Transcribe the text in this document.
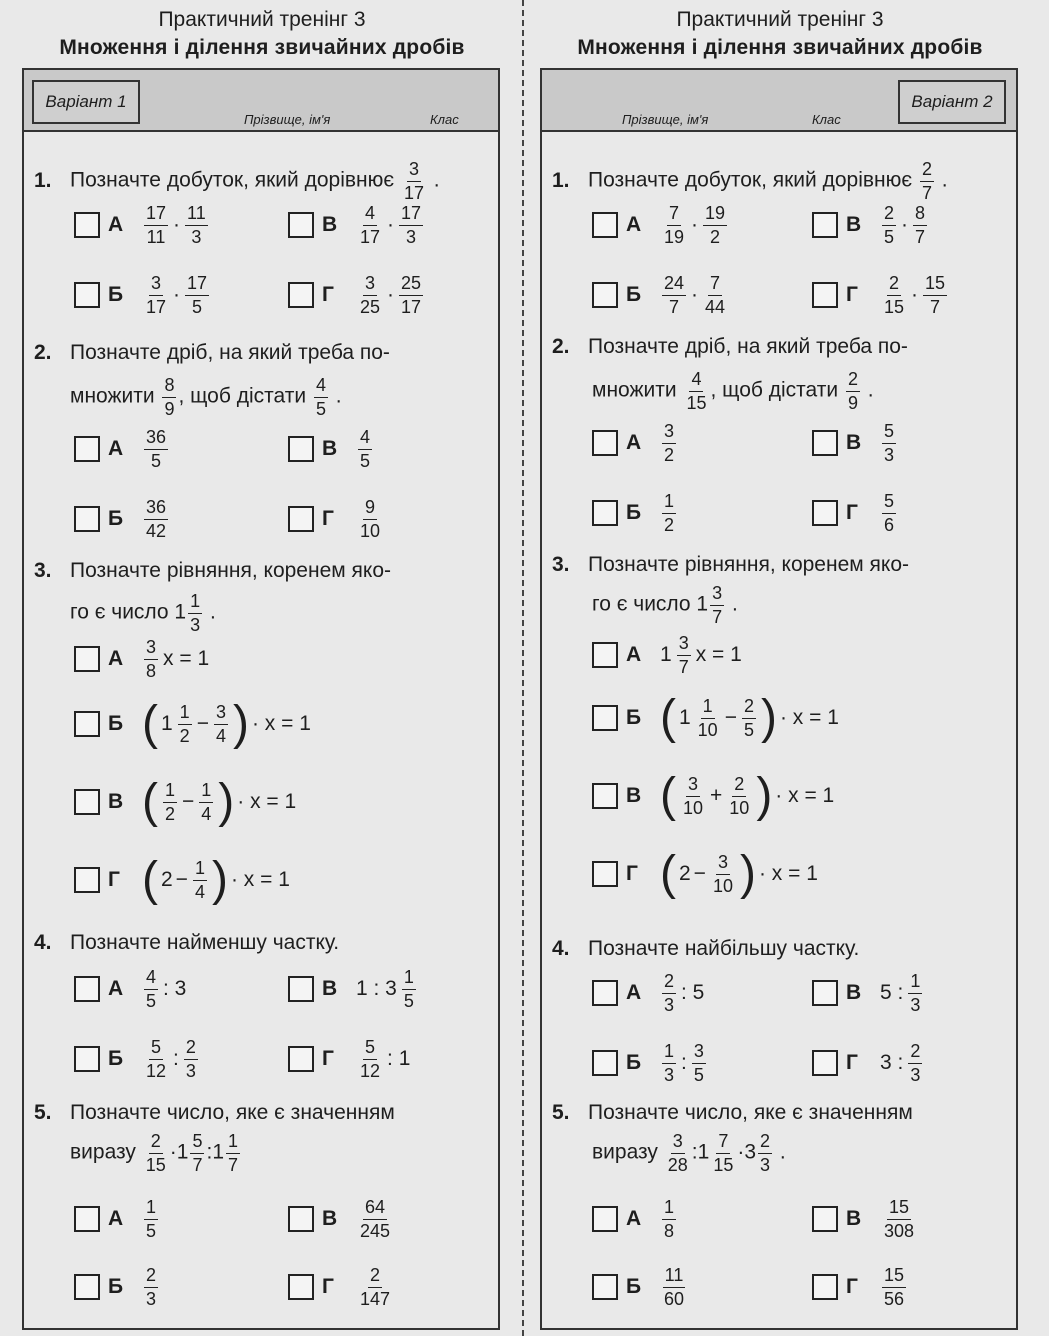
Практичний тренінг 3
Множення і ділення звичайних дробів
Варіант 1
Прізвище, ім'я	Клас
1. Позначте добуток, який дорівнює $\frac{3}{17}$ .
А	$\frac{17}{11} \cdot \frac{11}{3}$	В	$\frac{4}{17} \cdot \frac{17}{3}$
Б	$\frac{3}{17} \cdot \frac{17}{5}$	Г	$\frac{3}{25} \cdot \frac{25}{17}$
2. Позначте дріб, на який треба по-
множити $\frac{8}{9}$ , щоб дістати $\frac{4}{5}$ .
А	$\frac{36}{5}$	В	$\frac{4}{5}$
Б	$\frac{36}{42}$	Г	$\frac{9}{10}$
3. Позначте рівняння, коренем яко-
го є число $1 \frac{1}{3}$ .
А	$\frac{3}{8}$ x = 1
Б ( $1 \frac{1}{2} - \frac{3}{4}$ ) · x = 1
В ( $\frac{1}{2} - \frac{1}{4}$ ) · x = 1
Г ( $2 - \frac{1}{4}$ ) · x = 1
4. Позначте найменшу частку.
А	$\frac{4}{5}$ : 3	В 1 : $3 \frac{1}{5}$
Б	$\frac{5}{12}$ : $\frac{2}{3}$	Г	$\frac{5}{12}$ : 1
5. Позначте число, яке є значенням
виразу $\frac{2}{15} \cdot 1 \frac{5}{7}$ :1 $\frac{1}{7}$
А	$\frac{1}{5}$	В	$\frac{64}{245}$
Б	$\frac{2}{3}$	Г	$\frac{2}{147}$
Практичний тренінг 3
Множення і ділення звичайних дробів
Варіант 2
Прізвище, ім'я	Клас
1. Позначте добуток, який дорівнює $\frac{2}{7}$ .
А	$\frac{7}{19} \cdot \frac{19}{2}$	В	$\frac{2}{5} \cdot \frac{8}{7}$
Б	$\frac{24}{7} \cdot \frac{7}{44}$	Г	$\frac{2}{15} \cdot \frac{15}{7}$
2. Позначте дріб, на який треба по-
множити $\frac{4}{15}$ , щоб дістати $\frac{2}{9}$ .
А	$\frac{3}{2}$	В	$\frac{5}{3}$
Б	$\frac{1}{2}$	Г	$\frac{5}{6}$
3. Позначте рівняння, коренем яко-
го є число $1 \frac{3}{7}$ .
А $1 \frac{3}{7}$ x = 1
Б ( $1 \frac{1}{10} - \frac{2}{5}$ ) · x = 1
В ( $\frac{3}{10} + \frac{2}{10}$ ) · x = 1
Г ( $2 - \frac{3}{10}$ ) · x = 1
4. Позначте найбільшу частку.
А	$\frac{2}{3}$ : 5	В 5 : $\frac{1}{3}$
Б	$\frac{1}{3}$ : $\frac{3}{5}$	Г	3 : $\frac{2}{3}$
5. Позначте число, яке є значенням
виразу $\frac{3}{28}$ :1 $\frac{7}{15} \cdot 3 \frac{2}{3}$ .
А	$\frac{1}{8}$	В	$\frac{15}{308}$
Б	$\frac{11}{60}$	Г	$\frac{15}{56}$
